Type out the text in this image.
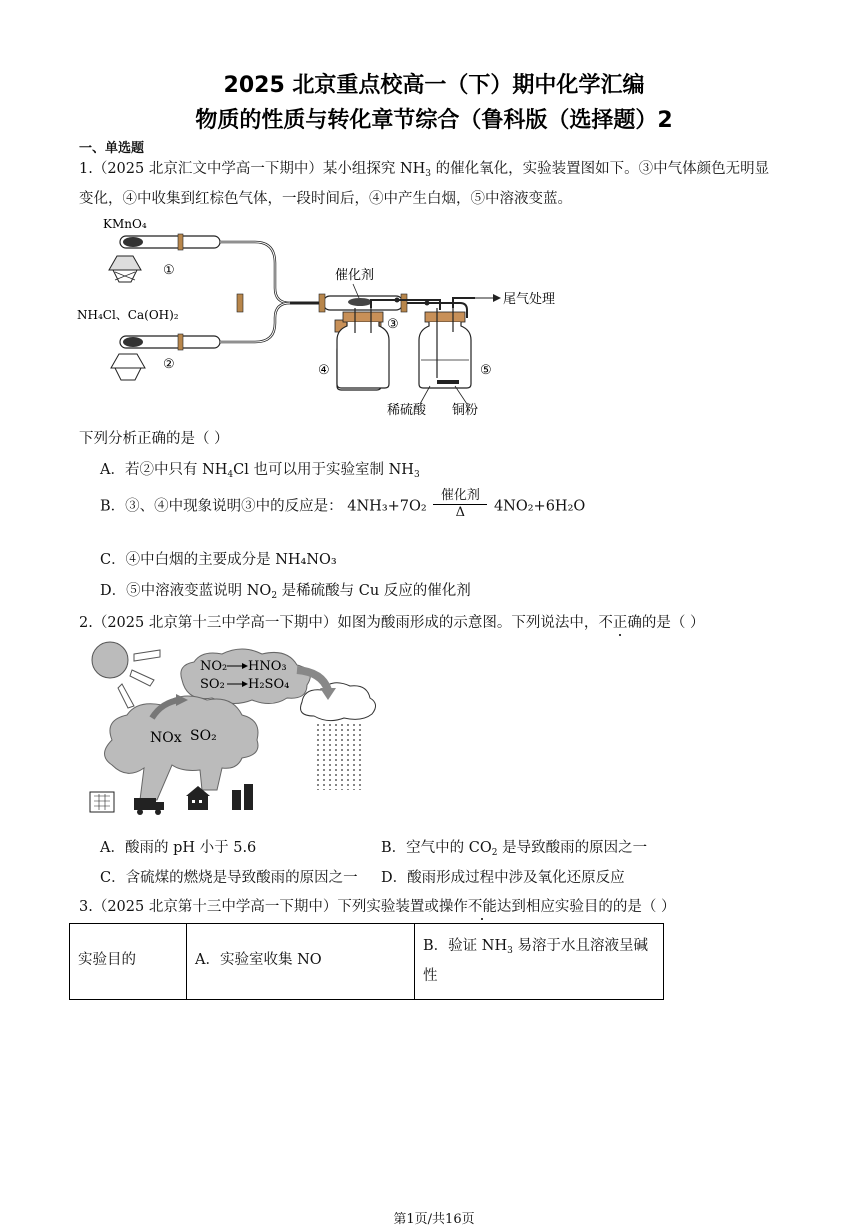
2025 北京重点校高一（下）期中化学汇编
物质的性质与转化章节综合（鲁科版（选择题）2
一、单选题
1.（2025 北京汇文中学高一下期中）某小组探究 $NH_3$ 的催化氧化，实验装置图如下。③中气体颜色无明显
变化，④中收集到红棕色气体，一段时间后，④中产生白烟，⑤中溶液变蓝。
KMnO₄
①
NH₄Cl、Ca(OH)₂
②
催化剂
③
④	⑤
尾气处理
稀硫酸 铜粉
下列分析正确的是（ ）
A．若②中只有 $NH_4Cl$ 也可以用于实验室制 $NH_3$
B．③、④中现象说明③中的反应是： $4NH_3+7O_2 \frac{\text{催化剂}}{\Delta} 4NO_2+6H_2O$
C．④中白烟的主要成分是 NH₄NO₃
D．⑤中溶液变蓝说明 $NO_2$ 是稀硫酸与 Cu 反应的催化剂
2.（2025 北京第十三中学高一下期中）如图为酸雨形成的示意图。下列说法中，不正确的是（ ）
NO₂ HNO₃
SO₂ H₂SO₄
NOx SO₂
A．酸雨的 pH 小于 5.6	B．空气中的 $CO_2$ 是导致酸雨的原因之一
C．含硫煤的燃烧是导致酸雨的原因之一 D．酸雨形成过程中涉及氧化还原反应
3.（2025 北京第十三中学高一下期中）下列实验装置或操作不能达到相应实验目的的是（ ）
实验目的	A．实验室收集 NO	B．验证 $NH_3$ 易溶于水且溶液呈碱
性
第1页/共16页
